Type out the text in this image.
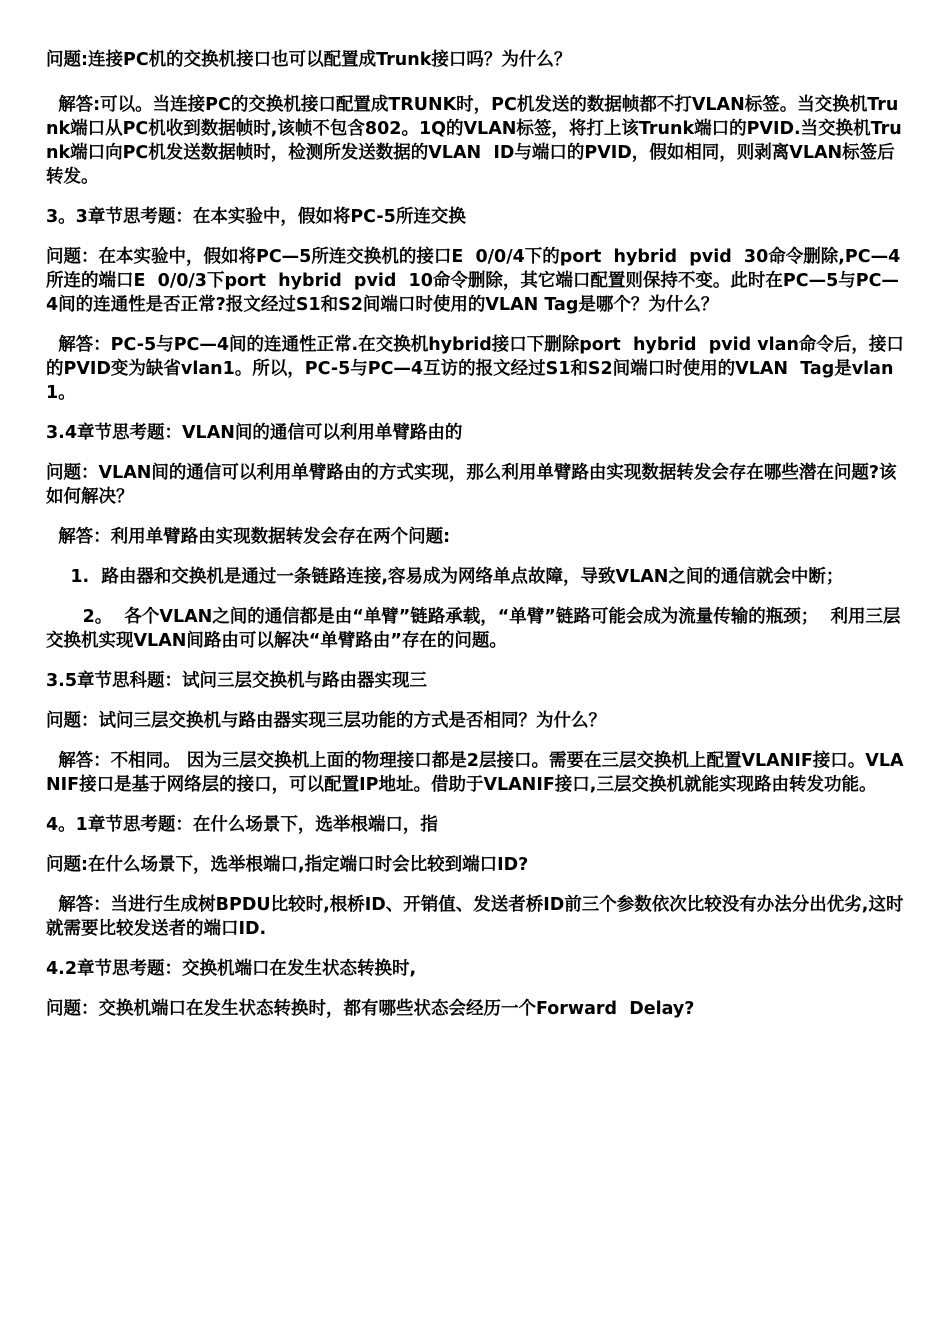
问题:连接PC机的交换机接口也可以配置成Trunk接口吗？为什么？

解答:可以。当连接PC的交换机接口配置成TRUNK时，PC机发送的数据帧都不打VLAN标签。当交换机Trunk端口从PC机收到数据帧时,该帧不包含802。1Q的VLAN标签，将打上该Trunk端口的PVID.当交换机Trunk端口向PC机发送数据帧时，检测所发送数据的VLAN  ID与端口的PVID，假如相同，则剥离VLAN标签后转发。

3。3章节思考题：在本实验中，假如将PC-5所连交换

问题：在本实验中，假如将PC—5所连交换机的接口E  0/0/4下的port  hybrid  pvid  30命令删除,PC—4所连的端口E  0/0/3下port  hybrid  pvid  10命令删除，其它端口配置则保持不变。此时在PC—5与PC—4间的连通性是否正常?报文经过S1和S2间端口时使用的VLAN Tag是哪个？为什么？

解答：PC-5与PC—4间的连通性正常.在交换机hybrid接口下删除port  hybrid  pvid vlan命令后，接口的PVID变为缺省vlan1。所以，PC-5与PC—4互访的报文经过S1和S2间端口时使用的VLAN  Tag是vlan  1。

3.4章节思考题：VLAN间的通信可以利用单臂路由的

问题：VLAN间的通信可以利用单臂路由的方式实现，那么利用单臂路由实现数据转发会存在哪些潜在问题?该如何解决？

解答：利用单臂路由实现数据转发会存在两个问题:

1.  路由器和交换机是通过一条链路连接,容易成为网络单点故障，导致VLAN之间的通信就会中断；

2。  各个VLAN之间的通信都是由“单臂”链路承载，“单臂”链路可能会成为流量传输的瓶颈；  利用三层交换机实现VLAN间路由可以解决“单臂路由”存在的问题。

3.5章节思科题：试问三层交换机与路由器实现三

问题：试问三层交换机与路由器实现三层功能的方式是否相同？为什么？

解答：不相同。 因为三层交换机上面的物理接口都是2层接口。需要在三层交换机上配置VLANIF接口。VLANIF接口是基于网络层的接口，可以配置IP地址。借助于VLANIF接口,三层交换机就能实现路由转发功能。

4。1章节思考题：在什么场景下，选举根端口，指

问题:在什么场景下，选举根端口,指定端口时会比较到端口ID?

解答：当进行生成树BPDU比较时,根桥ID、开销值、发送者桥ID前三个参数依次比较没有办法分出优劣,这时就需要比较发送者的端口ID.

4.2章节思考题：交换机端口在发生状态转换时,

问题：交换机端口在发生状态转换时，都有哪些状态会经历一个Forward  Delay?
